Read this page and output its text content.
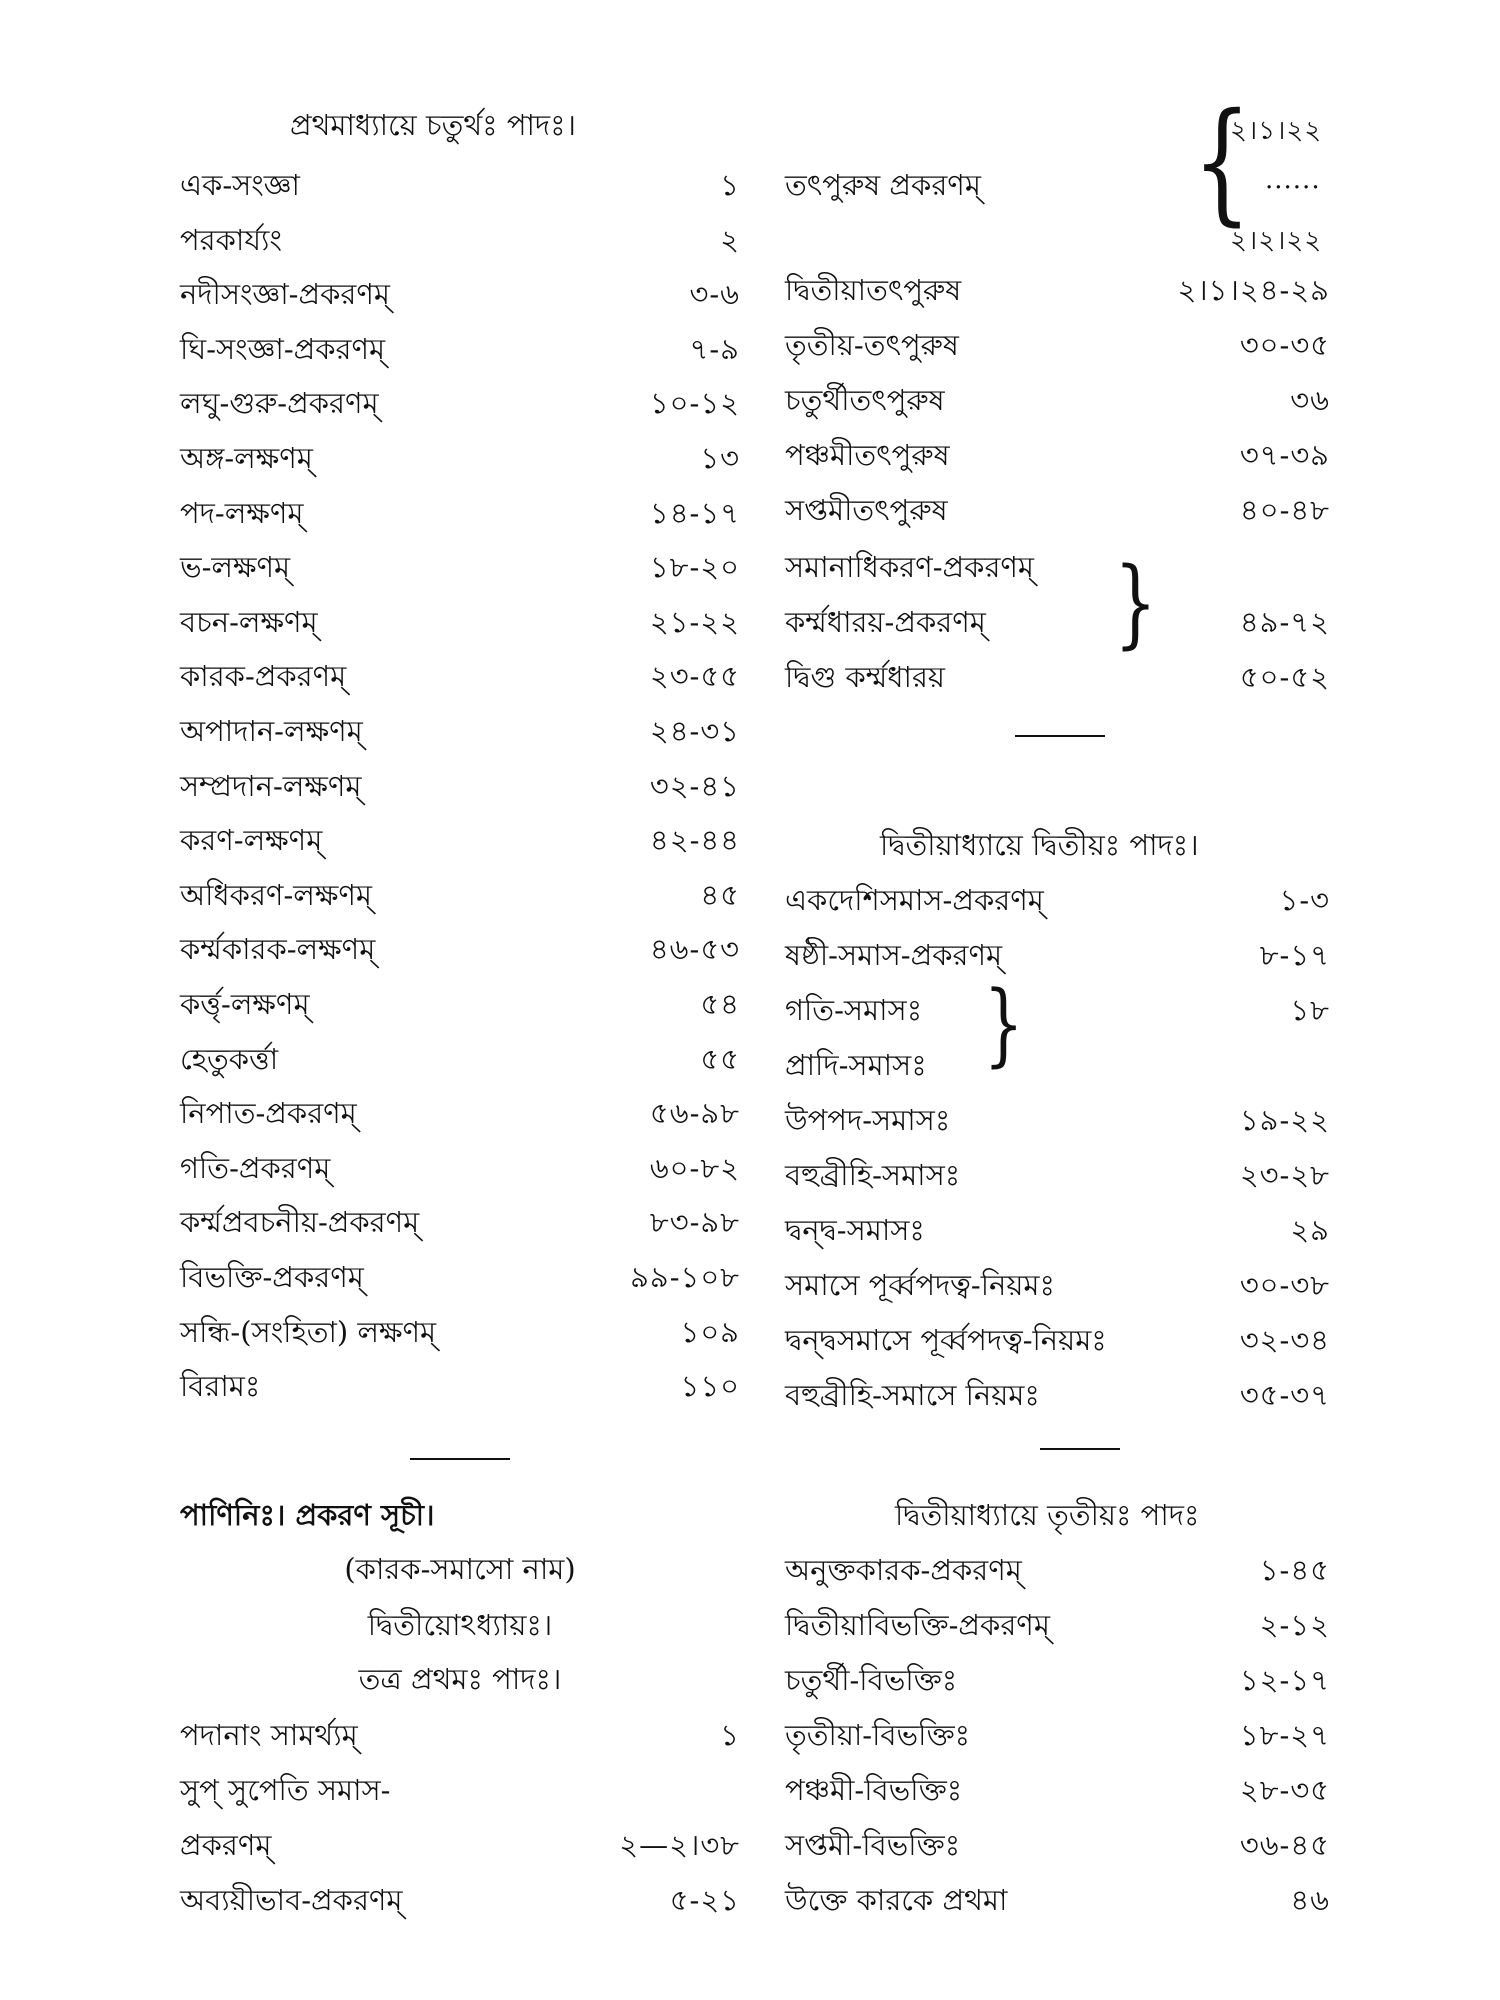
প্রথমাধ্যায়ে চতুর্থঃ পাদঃ।
এক-সংজ্ঞা	১
পরকার্য্যং	২
নদীসংজ্ঞা-প্রকরণম্	৩-৬
ঘি-সংজ্ঞা-প্রকরণম্	৭-৯
লঘু-গুরু-প্রকরণম্	১০-১২
অঙ্গ-লক্ষণম্	১৩
পদ-লক্ষণম্	১৪-১৭
ভ-লক্ষণম্	১৮-২০
বচন-লক্ষণম্	২১-২২
কারক-প্রকরণম্	২৩-৫৫
অপাদান-লক্ষণম্	২৪-৩১
সম্প্রদান-লক্ষণম্	৩২-৪১
করণ-লক্ষণম্	৪২-৪৪
অধিকরণ-লক্ষণম্	৪৫
কর্ম্মকারক-লক্ষণম্	৪৬-৫৩
কর্ত্তৃ-লক্ষণম্	৫৪
হেতুকর্ত্তা	৫৫
নিপাত-প্রকরণম্	৫৬-৯৮
গতি-প্রকরণম্	৬০-৮২
কর্ম্মপ্রবচনীয়-প্রকরণম্	৮৩-৯৮
বিভক্তি-প্রকরণম্	৯৯-১০৮
সন্ধি-(সংহিতা) লক্ষণম্	১০৯
বিরামঃ	১১০
পাণিনিঃ। প্রকরণ সূচী।
(কারক-সমাসো নাম)
দ্বিতীয়োঽধ্যায়ঃ।
তত্র প্রথমঃ পাদঃ।
পদানাং সামর্থ্যম্	১
সুপ্ সুপেতি সমাস-
প্রকরণম্	২—২।৩৮
অব্যয়ীভাব-প্রকরণম্	৫-২১
তৎপুরুষ প্রকরণম্ {
২।১।২২
......
২।২।২২
দ্বিতীয়াতৎপুরুষ	২।১।২৪-২৯
তৃতীয়-তৎপুরুষ	৩০-৩৫
চতুর্থীতৎপুরুষ	৩৬
পঞ্চমীতৎপুরুষ	৩৭-৩৯
সপ্তমীতৎপুরুষ	৪০-৪৮
সমানাধিকরণ-প্রকরণম্
কর্ম্মধারয়-প্রকরণম্	৪৯-৭২
}
দ্বিগু কর্ম্মধারয়	৫০-৫২
দ্বিতীয়াধ্যায়ে দ্বিতীয়ঃ পাদঃ।
একদেশিসমাস-প্রকরণম্	১-৩
ষষ্ঠী-সমাস-প্রকরণম্	৮-১৭
গতি-সমাসঃ	১৮
প্রাদি-সমাসঃ }
উপপদ-সমাসঃ	১৯-২২
বহুব্রীহি-সমাসঃ	২৩-২৮
দ্বন্দ্ব-সমাসঃ	২৯
সমাসে পূর্ব্বপদত্ব-নিয়মঃ	৩০-৩৮
দ্বন্দ্বসমাসে পূর্ব্বপদত্ব-নিয়মঃ	৩২-৩৪
বহুব্রীহি-সমাসে নিয়মঃ	৩৫-৩৭
দ্বিতীয়াধ্যায়ে তৃতীয়ঃ পাদঃ
অনুক্তকারক-প্রকরণম্	১-৪৫
দ্বিতীয়াবিভক্তি-প্রকরণম্	২-১২
চতুর্থী-বিভক্তিঃ	১২-১৭
তৃতীয়া-বিভক্তিঃ	১৮-২৭
পঞ্চমী-বিভক্তিঃ	২৮-৩৫
সপ্তমী-বিভক্তিঃ	৩৬-৪৫
উক্তে কারকে প্রথমা	৪৬
